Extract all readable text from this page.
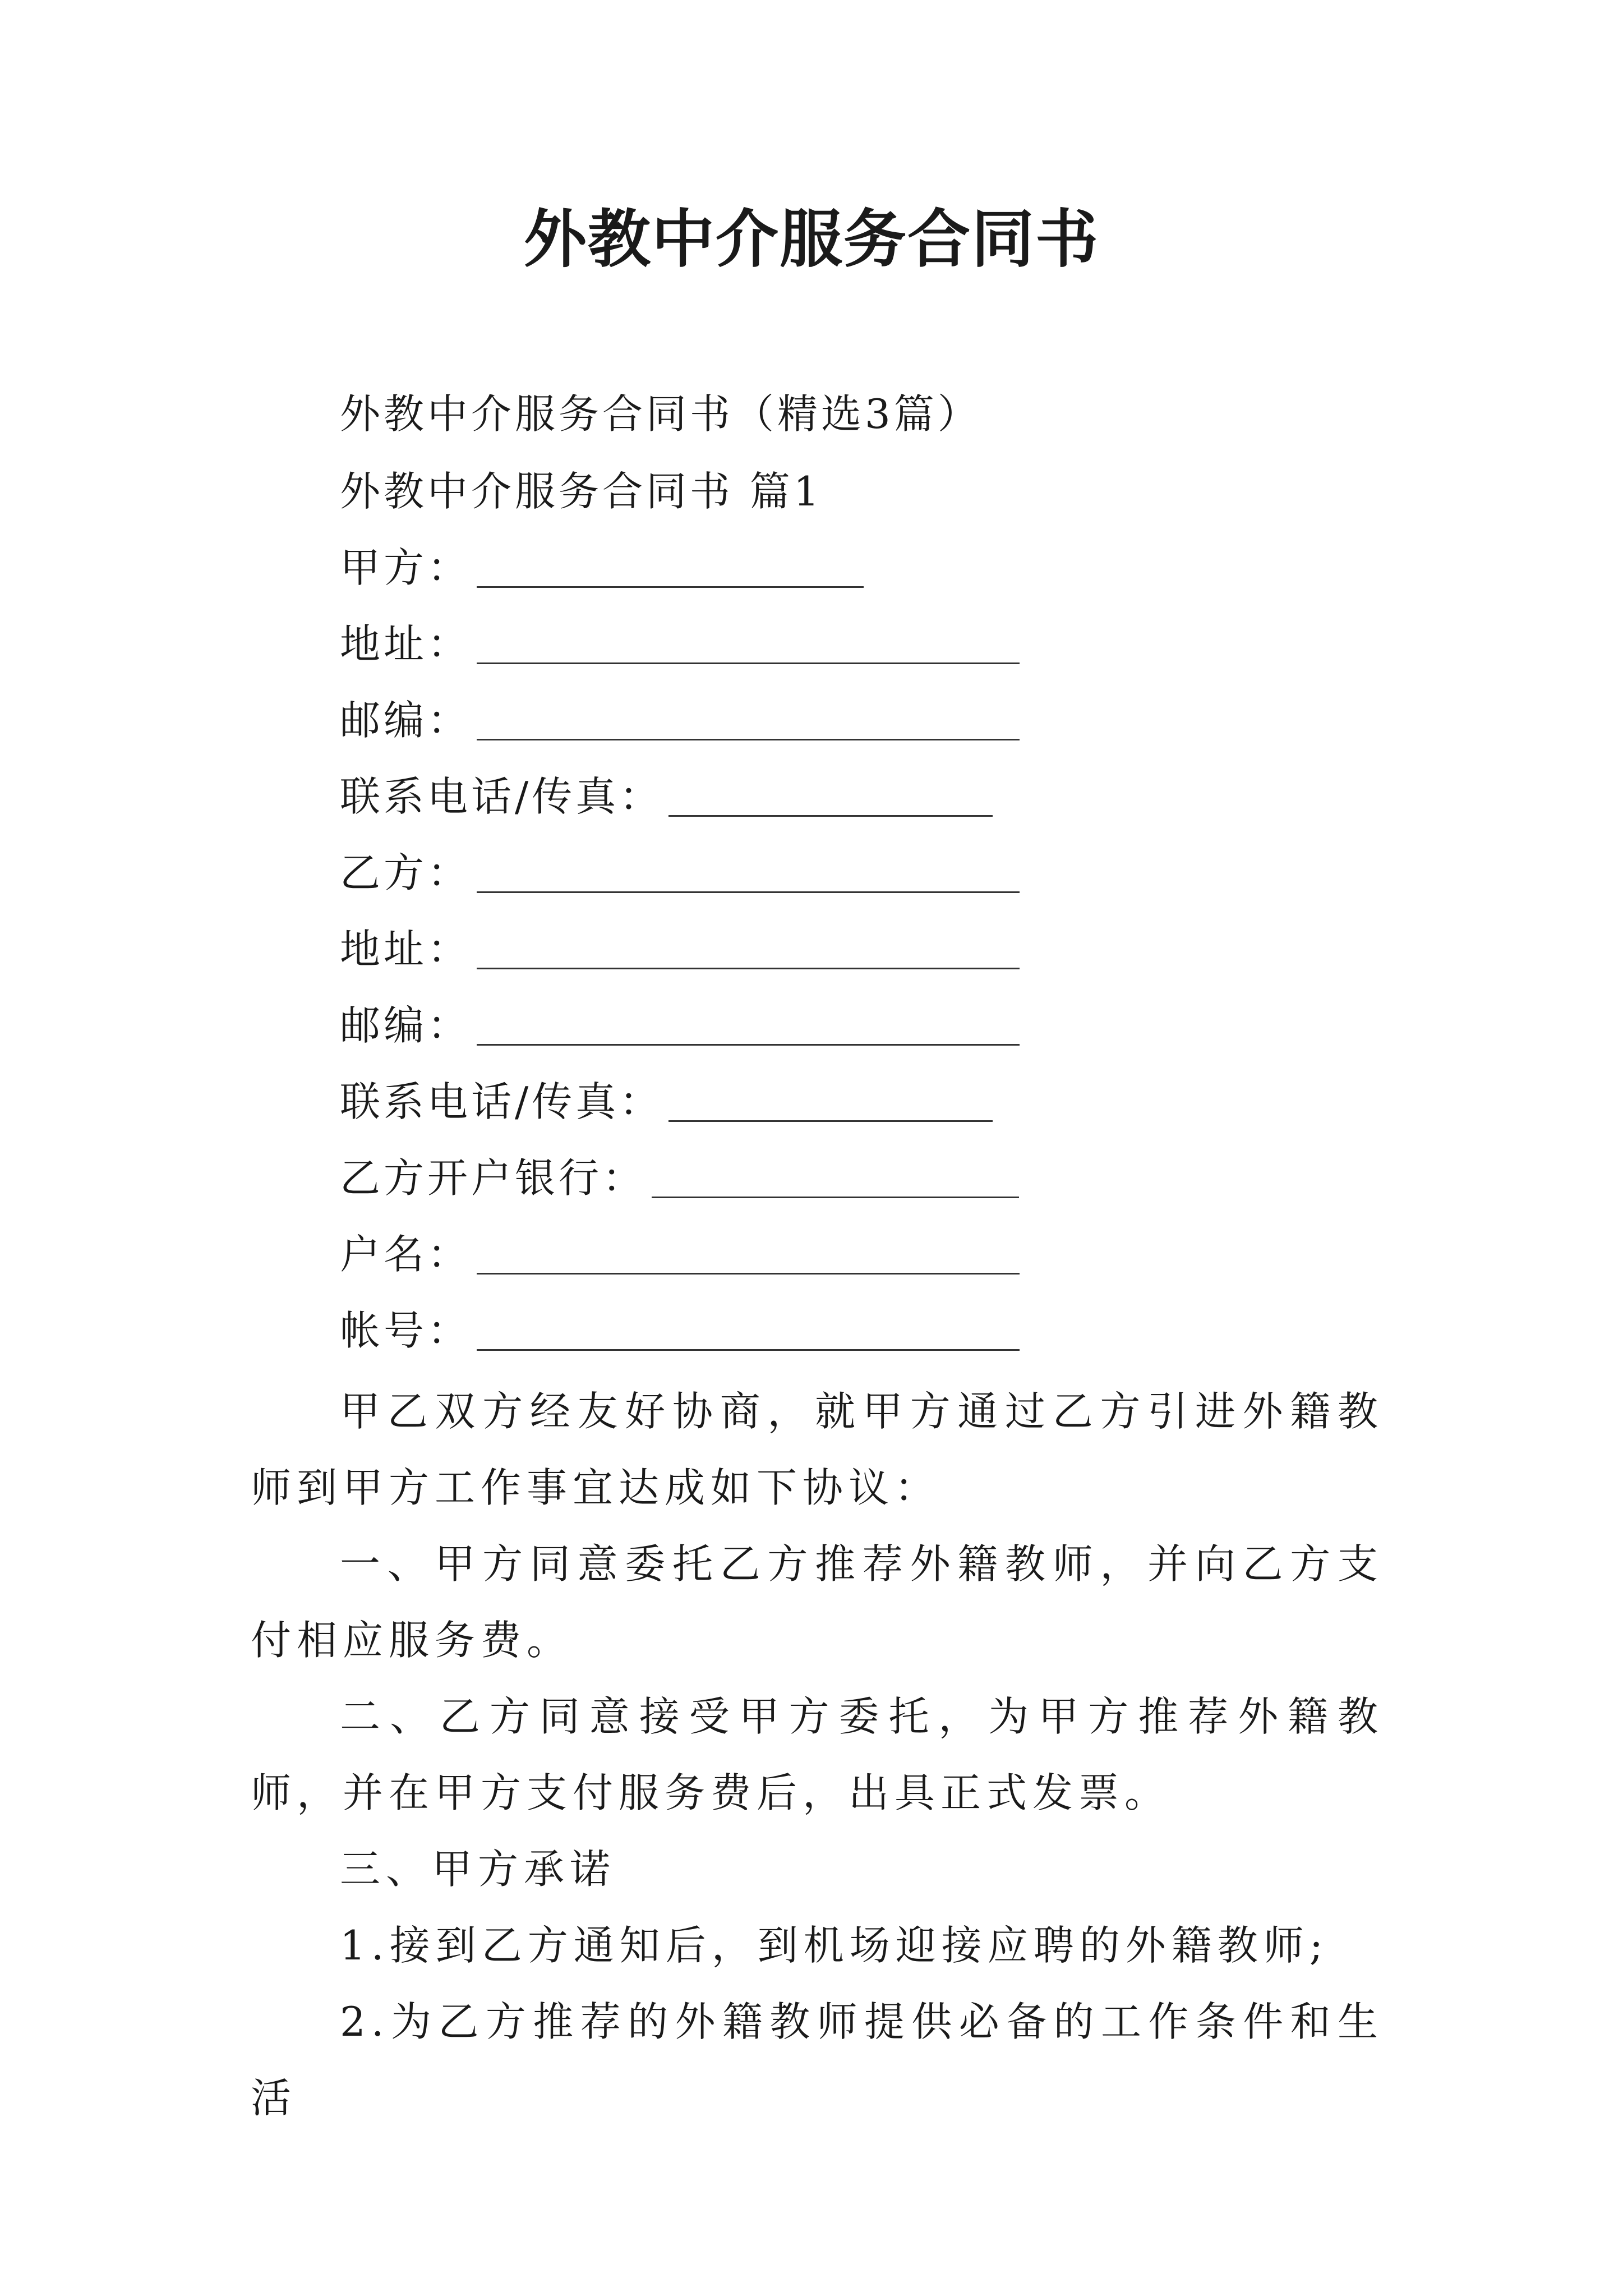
外教中介服务合同书
外教中介服务合同书（精选3篇）
外教中介服务合同书 篇1
甲方：
地址：
邮编：
联系电话/传真：
乙方：
地址：
邮编：
联系电话/传真：
乙方开户银行：
户名：
帐号：
甲乙双方经友好协商，就甲方通过乙方引进外籍教师到甲方工作事宜达成如下协议：
一、甲方同意委托乙方推荐外籍教师，并向乙方支付相应服务费。
二、乙方同意接受甲方委托，为甲方推荐外籍教师，并在甲方支付服务费后，出具正式发票。
三、甲方承诺
1.接到乙方通知后，到机场迎接应聘的外籍教师;
2.为乙方推荐的外籍教师提供必备的工作条件和生活
